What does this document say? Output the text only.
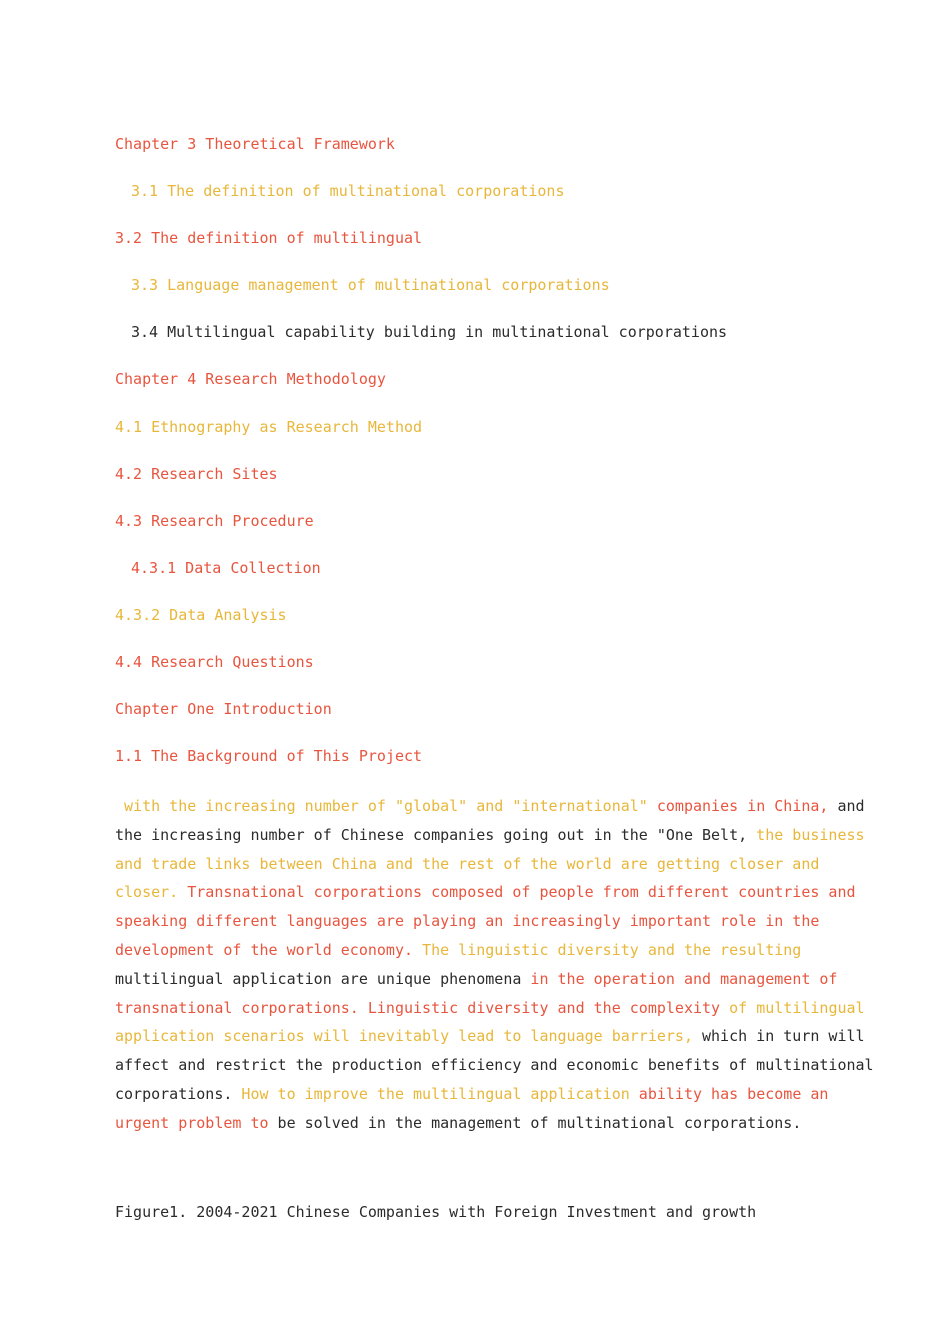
Chapter 3 Theoretical Framework
3.1 The definition of multinational corporations
3.2 The definition of multilingual
3.3 Language management of multinational corporations
3.4 Multilingual capability building in multinational corporations
Chapter 4 Research Methodology
4.1 Ethnography as Research Method
4.2 Research Sites
4.3 Research Procedure
4.3.1 Data Collection
4.3.2 Data Analysis
4.4 Research Questions
Chapter One Introduction
1.1 The Background of This Project
with the increasing number of "global" and "international" companies in China, and
the increasing number of Chinese companies going out in the "One Belt, the business
and trade links between China and the rest of the world are getting closer and
closer. Transnational corporations composed of people from different countries and
speaking different languages are playing an increasingly important role in the
development of the world economy. The linguistic diversity and the resulting
multilingual application are unique phenomena in the operation and management of
transnational corporations. Linguistic diversity and the complexity of multilingual
application scenarios will inevitably lead to language barriers, which in turn will
affect and restrict the production efficiency and economic benefits of multinational
corporations. How to improve the multilingual application ability has become an
urgent problem to be solved in the management of multinational corporations.
Figure1. 2004-2021 Chinese Companies with Foreign Investment and growth
